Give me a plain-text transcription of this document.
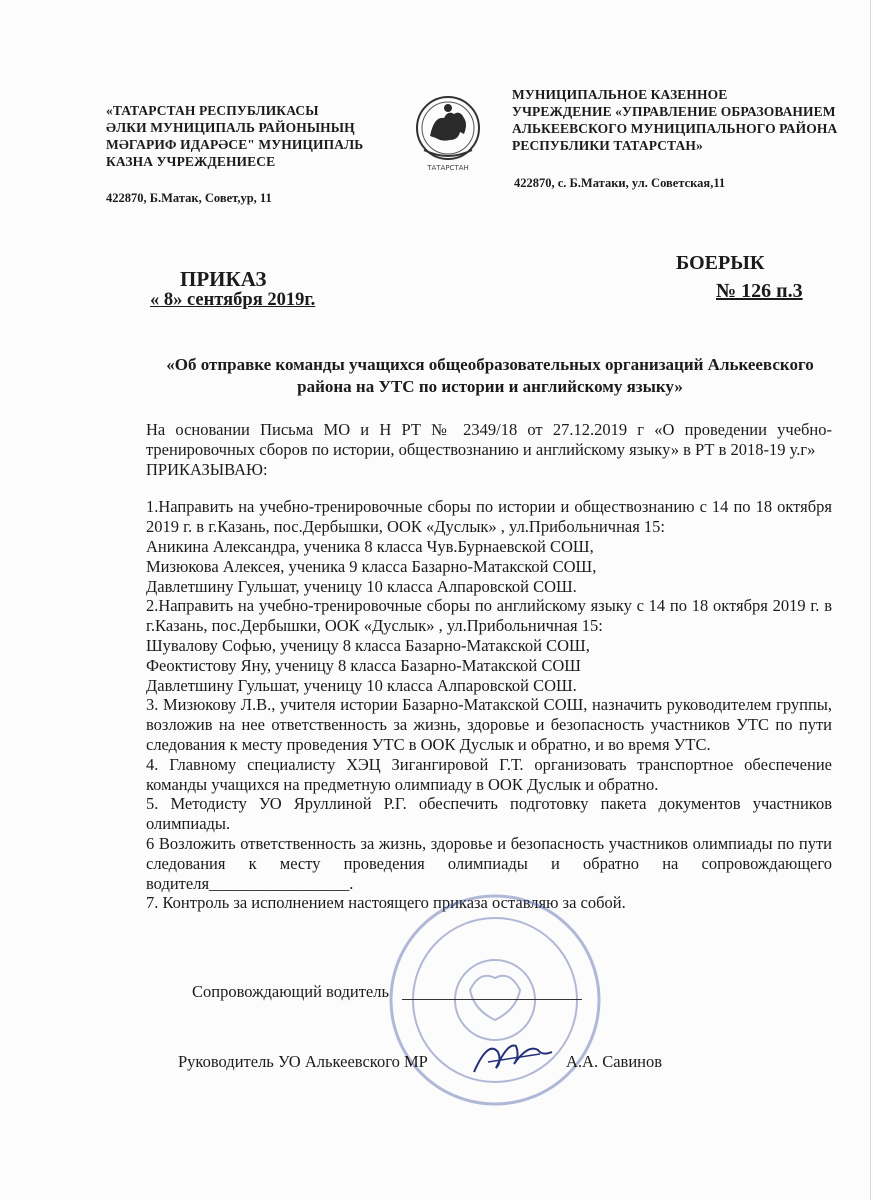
«ТАТАРСТАН РЕСПУБЛИКАСЫ
ӘЛКИ МУНИЦИПАЛЬ РАЙОНЫНЫҢ
МӘГАРИФ ИДАРӘСЕ" МУНИЦИПАЛЬ
КАЗНА УЧРЕЖДЕНИЕСЕ
422870, Б.Матак, Совет,ур, 11
ТАТАРСТАН
МУНИЦИПАЛЬНОЕ КАЗЕННОЕ
УЧРЕЖДЕНИЕ «УПРАВЛЕНИЕ ОБРАЗОВАНИЕМ
АЛЬКЕЕВСКОГО МУНИЦИПАЛЬНОГО РАЙОНА
РЕСПУБЛИКИ ТАТАРСТАН»
422870, с. Б.Матаки, ул. Советская,11
ПРИКАЗ
БОЕРЫК
« 8» сентября 2019г.	№ 126 п.3
«Об отправке команды учащихся общеобразовательных организаций Алькеевского района на УТС по истории и английскому языку»

На основании Письма МО и Н РТ № 2349/18 от 27.12.2019 г «О проведении учебно-тренировочных сборов по истории, обществознанию и английскому языку» в РТ в 2018-19 у.г»

ПРИКАЗЫВАЮ:

1.Направить на учебно-тренировочные сборы по истории и обществознанию с 14 по 18 октября 2019 г. в г.Казань, пос.Дербышки, ООК «Дуслык» , ул.Прибольничная 15:

Аникина Александра, ученика 8 класса Чув.Бурнаевской СОШ,

Мизюкова Алексея, ученика 9 класса Базарно-Матакской СОШ,

Давлетшину Гульшат, ученицу 10 класса Алпаровской СОШ.

2.Направить на учебно-тренировочные сборы по английскому языку с 14 по 18 октября 2019 г. в г.Казань, пос.Дербышки, ООК «Дуслык» , ул.Прибольничная 15:

Шувалову Софью, ученицу 8 класса Базарно-Матакской СОШ,

Феоктистову Яну, ученицу 8 класса Базарно-Матакской СОШ

Давлетшину Гульшат, ученицу 10 класса Алпаровской СОШ.

3. Мизюкову Л.В., учителя истории Базарно-Матакской СОШ, назначить руководителем группы, возложив на нее ответственность за жизнь, здоровье и безопасность участников УТС по пути следования к месту проведения УТС в ООК Дуслык и обратно, и во время УТС.

4. Главному специалисту ХЭЦ Зигангировой Г.Т. организовать транспортное обеспечение команды учащихся на предметную олимпиаду в ООК Дуслык и обратно.

5. Методисту УО Яруллиной Р.Г. обеспечить подготовку пакета документов участников олимпиады.

6 Возложить ответственность за жизнь, здоровье и безопасность участников олимпиады по пути следования к месту проведения олимпиады и обратно на сопровождающего водителя_________________.

7. Контроль за исполнением настоящего приказа оставляю за собой.

Сопровождающий водитель
Руководитель УО Алькеевского МР	А.А. Савинов
